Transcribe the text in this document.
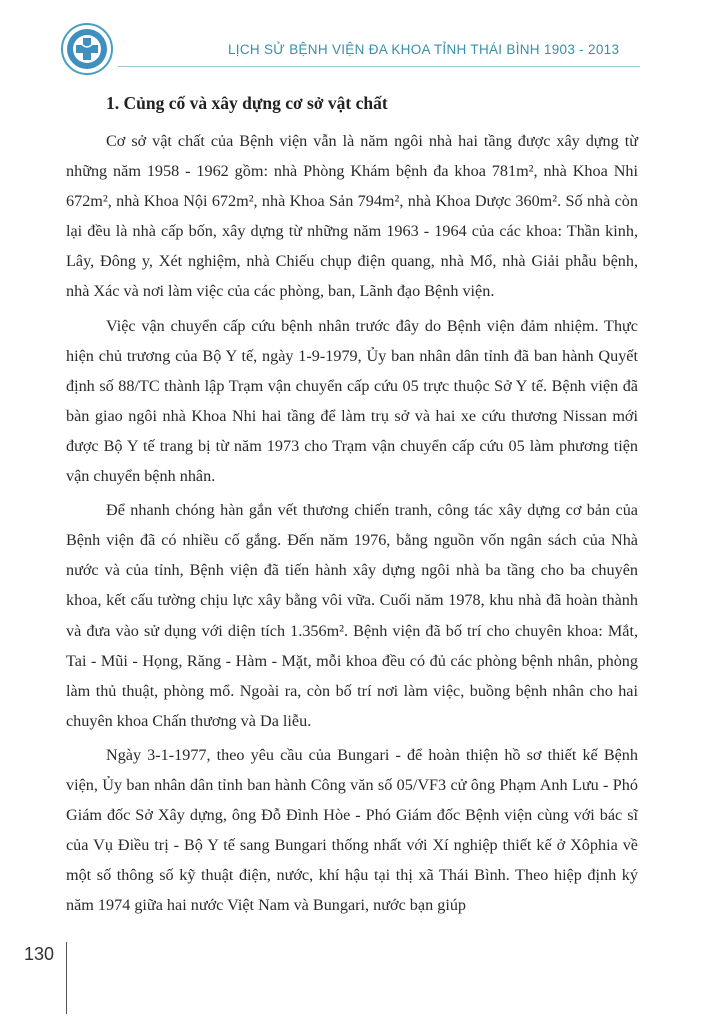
LỊCH SỬ BỆNH VIỆN ĐA KHOA TỈNH THÁI BÌNH 1903 - 2013
1. Củng cố và xây dựng cơ sở vật chất

Cơ sở vật chất của Bệnh viện vẫn là năm ngôi nhà hai tầng được xây dựng từ những năm 1958 - 1962 gồm: nhà Phòng Khám bệnh đa khoa 781m², nhà Khoa Nhi 672m², nhà Khoa Nội 672m², nhà Khoa Sản 794m², nhà Khoa Dược 360m². Số nhà còn lại đều là nhà cấp bốn, xây dựng từ những năm 1963 - 1964 của các khoa: Thần kinh, Lây, Đông y, Xét nghiệm, nhà Chiếu chụp điện quang, nhà Mổ, nhà Giải phẫu bệnh, nhà Xác và nơi làm việc của các phòng, ban, Lãnh đạo Bệnh viện.

Việc vận chuyển cấp cứu bệnh nhân trước đây do Bệnh viện đảm nhiệm. Thực hiện chủ trương của Bộ Y tế, ngày 1-9-1979, Ủy ban nhân dân tỉnh đã ban hành Quyết định số 88/TC thành lập Trạm vận chuyển cấp cứu 05 trực thuộc Sở Y tế. Bệnh viện đã bàn giao ngôi nhà Khoa Nhi hai tầng để làm trụ sở và hai xe cứu thương Nissan mới được Bộ Y tế trang bị từ năm 1973 cho Trạm vận chuyển cấp cứu 05 làm phương tiện vận chuyển bệnh nhân.

Để nhanh chóng hàn gắn vết thương chiến tranh, công tác xây dựng cơ bản của Bệnh viện đã có nhiều cố gắng. Đến năm 1976, bằng nguồn vốn ngân sách của Nhà nước và của tỉnh, Bệnh viện đã tiến hành xây dựng ngôi nhà ba tầng cho ba chuyên khoa, kết cấu tường chịu lực xây bằng vôi vữa. Cuối năm 1978, khu nhà đã hoàn thành và đưa vào sử dụng với diện tích 1.356m². Bệnh viện đã bố trí cho chuyên khoa: Mắt, Tai - Mũi - Họng, Răng - Hàm - Mặt, mỗi khoa đều có đủ các phòng bệnh nhân, phòng làm thủ thuật, phòng mổ. Ngoài ra, còn bố trí nơi làm việc, buồng bệnh nhân cho hai chuyên khoa Chấn thương và Da liễu.

Ngày 3-1-1977, theo yêu cầu của Bungari - để hoàn thiện hồ sơ thiết kế Bệnh viện, Ủy ban nhân dân tỉnh ban hành Công văn số 05/VF3 cử ông Phạm Anh Lưu - Phó Giám đốc Sở Xây dựng, ông Đỗ Đình Hòe - Phó Giám đốc Bệnh viện cùng với bác sĩ của Vụ Điều trị - Bộ Y tế sang Bungari thống nhất với Xí nghiệp thiết kế ở Xôphia về một số thông số kỹ thuật điện, nước, khí hậu tại thị xã Thái Bình. Theo hiệp định ký năm 1974 giữa hai nước Việt Nam và Bungari, nước bạn giúp

130
